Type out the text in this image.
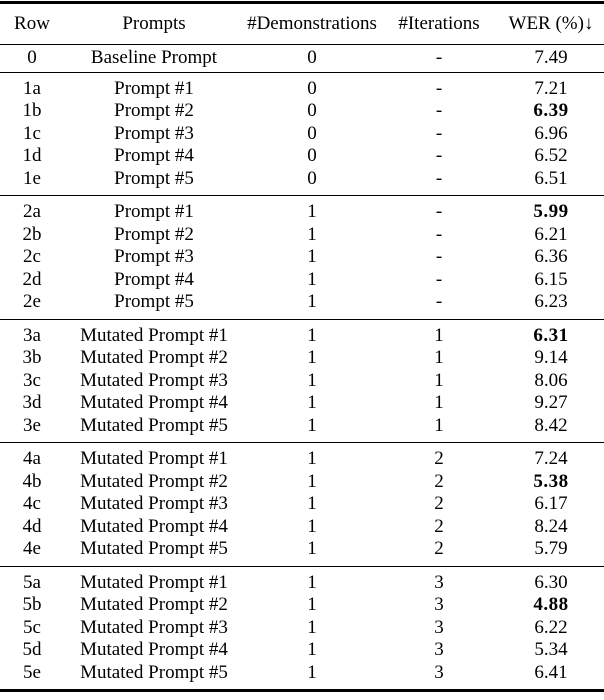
Row	Prompts	#Demonstrations	#Iterations	WER (%)↓
0	Baseline Prompt	0	-	7.49
1a	Prompt #1	0	-	7.21
1b	Prompt #2	0	-	6.39
1c	Prompt #3	0	-	6.96
1d	Prompt #4	0	-	6.52
1e	Prompt #5	0	-	6.51
2a	Prompt #1	1	-	5.99
2b	Prompt #2	1	-	6.21
2c	Prompt #3	1	-	6.36
2d	Prompt #4	1	-	6.15
2e	Prompt #5	1	-	6.23
3a	Mutated Prompt #1	1	1	6.31
3b	Mutated Prompt #2	1	1	9.14
3c	Mutated Prompt #3	1	1	8.06
3d	Mutated Prompt #4	1	1	9.27
3e	Mutated Prompt #5	1	1	8.42
4a	Mutated Prompt #1	1	2	7.24
4b	Mutated Prompt #2	1	2	5.38
4c	Mutated Prompt #3	1	2	6.17
4d	Mutated Prompt #4	1	2	8.24
4e	Mutated Prompt #5	1	2	5.79
5a	Mutated Prompt #1	1	3	6.30
5b	Mutated Prompt #2	1	3	4.88
5c	Mutated Prompt #3	1	3	6.22
5d	Mutated Prompt #4	1	3	5.34
5e	Mutated Prompt #5	1	3	6.41
